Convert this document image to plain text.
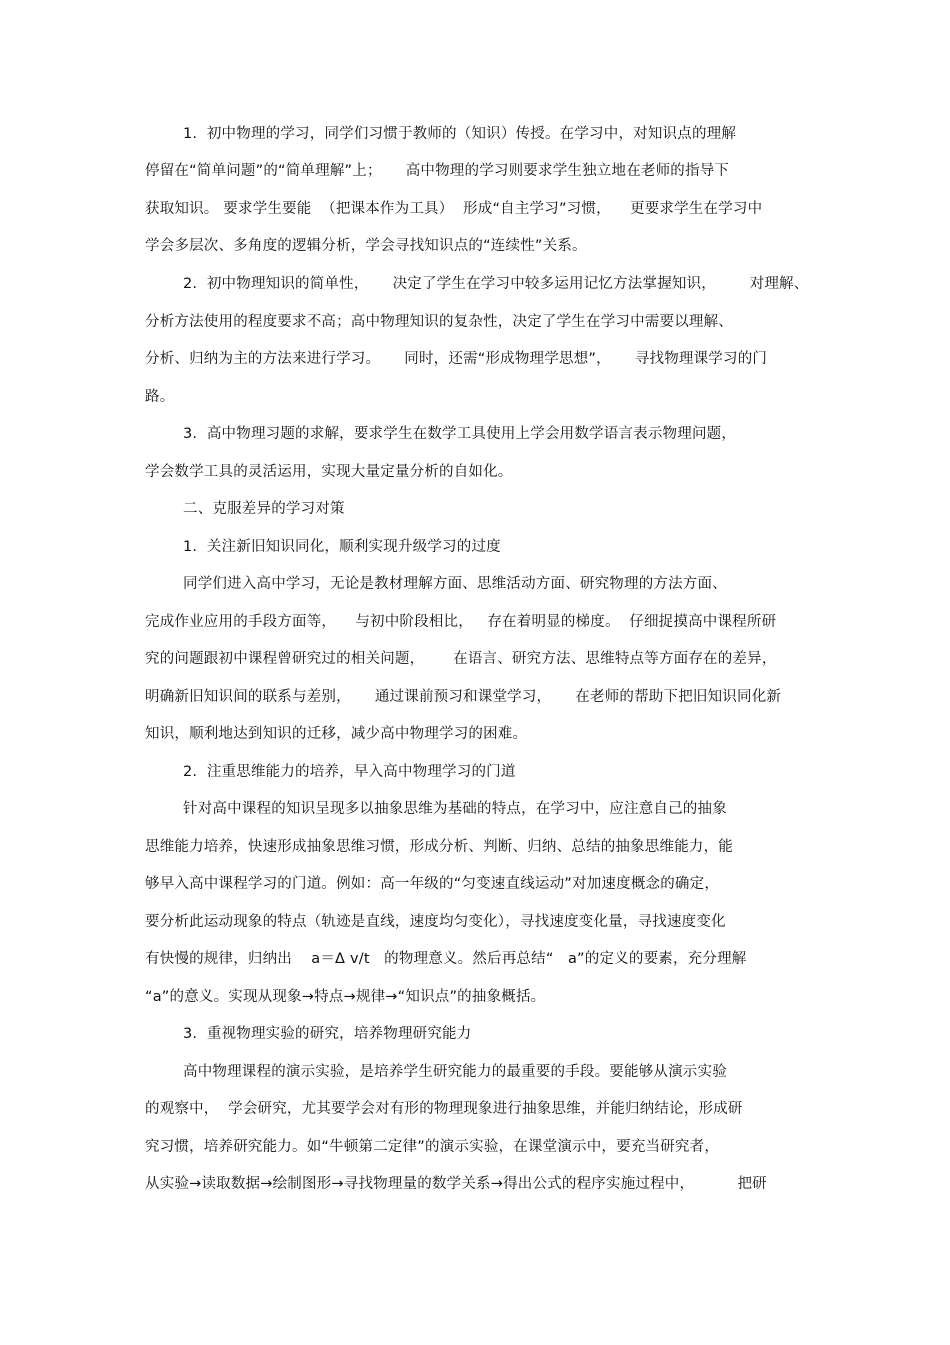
1.  初中物理的学习，同学们习惯于教师的（知识）传授。在学习中，对知识点的理解
停留在“简单问题”的“简单理解”上；     高中物理的学习则要求学生独立地在老师的指导下
获取知识。 要求学生要能  （把课本作为工具）  形成“自主学习”习惯，    更要求学生在学习中
学会多层次、多角度的逻辑分析，学会寻找知识点的“连续性”关系。
2.  初中物理知识的简单性，     决定了学生在学习中较多运用记忆方法掌握知识，       对理解、
分析方法使用的程度要求不高；高中物理知识的复杂性，决定了学生在学习中需要以理解、
分析、归纳为主的方法来进行学习。     同时，还需“形成物理学思想”，     寻找物理课学习的门
路。
3.  高中物理习题的求解，要求学生在数学工具使用上学会用数学语言表示物理问题，
学会数学工具的灵活运用，实现大量定量分析的自如化。
二、克服差异的学习对策
1.  关注新旧知识同化，顺利实现升级学习的过度
同学们进入高中学习，无论是教材理解方面、思维活动方面、研究物理的方法方面、
完成作业应用的手段方面等，    与初中阶段相比，   存在着明显的梯度。  仔细捉摸高中课程所研
究的问题跟初中课程曾研究过的相关问题，      在语言、研究方法、思维特点等方面存在的差异，
明确新旧知识间的联系与差别，     通过课前预习和课堂学习，     在老师的帮助下把旧知识同化新
知识，顺利地达到知识的迁移，减少高中物理学习的困难。
2.  注重思维能力的培养，早入高中物理学习的门道
针对高中课程的知识呈现多以抽象思维为基础的特点，在学习中，应注意自己的抽象
思维能力培养，快速形成抽象思维习惯，形成分析、判断、归纳、总结的抽象思维能力，能
够早入高中课程学习的门道。例如：高一年级的“匀变速直线运动”对加速度概念的确定，
要分析此运动现象的特点（轨迹是直线，速度均匀变化），寻找速度变化量，寻找速度变化
有快慢的规律，归纳出    a＝Δ v/t   的物理意义。然后再总结“   a”的定义的要素，充分理解
“a”的意义。实现从现象→特点→规律→“知识点”的抽象概括。
3.  重视物理实验的研究，培养物理研究能力
高中物理课程的演示实验，是培养学生研究能力的最重要的手段。要能够从演示实验
的观察中，  学会研究，尤其要学会对有形的物理现象进行抽象思维，并能归纳结论，形成研
究习惯，培养研究能力。如“牛顿第二定律”的演示实验，在课堂演示中，要充当研究者，
从实验→读取数据→绘制图形→寻找物理量的数学关系→得出公式的程序实施过程中，         把研
